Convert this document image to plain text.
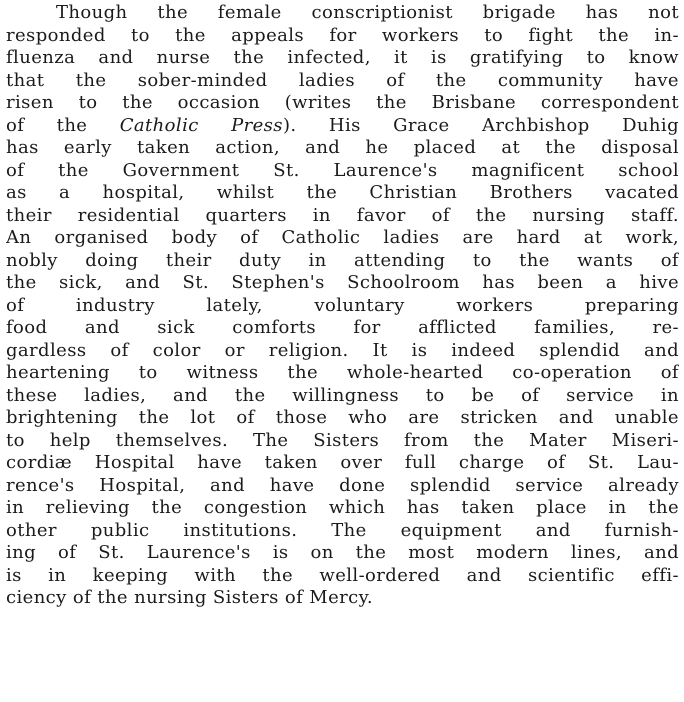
Though the female conscriptionist brigade has not
responded to the appeals for workers to fight the in-
fluenza and nurse the infected, it is gratifying to know
that the sober-minded ladies of the community have
risen to the occasion (writes the Brisbane correspondent
of the Catholic Press). His Grace Archbishop Duhig
has early taken action, and he placed at the disposal
of the Government St. Laurence's magnificent school
as a hospital, whilst the Christian Brothers vacated
their residential quarters in favor of the nursing staff.
An organised body of Catholic ladies are hard at work,
nobly doing their duty in attending to the wants of
the sick, and St. Stephen's Schoolroom has been a hive
of industry lately, voluntary workers preparing
food and sick comforts for afflicted families, re-
gardless of color or religion. It is indeed splendid and
heartening to witness the whole-hearted co-operation of
these ladies, and the willingness to be of service in
brightening the lot of those who are stricken and unable
to help themselves. The Sisters from the Mater Miseri-
cordiæ Hospital have taken over full charge of St. Lau-
rence's Hospital, and have done splendid service already
in relieving the congestion which has taken place in the
other public institutions. The equipment and furnish-
ing of St. Laurence's is on the most modern lines, and
is in keeping with the well-ordered and scientific effi-
ciency of the nursing Sisters of Mercy.
